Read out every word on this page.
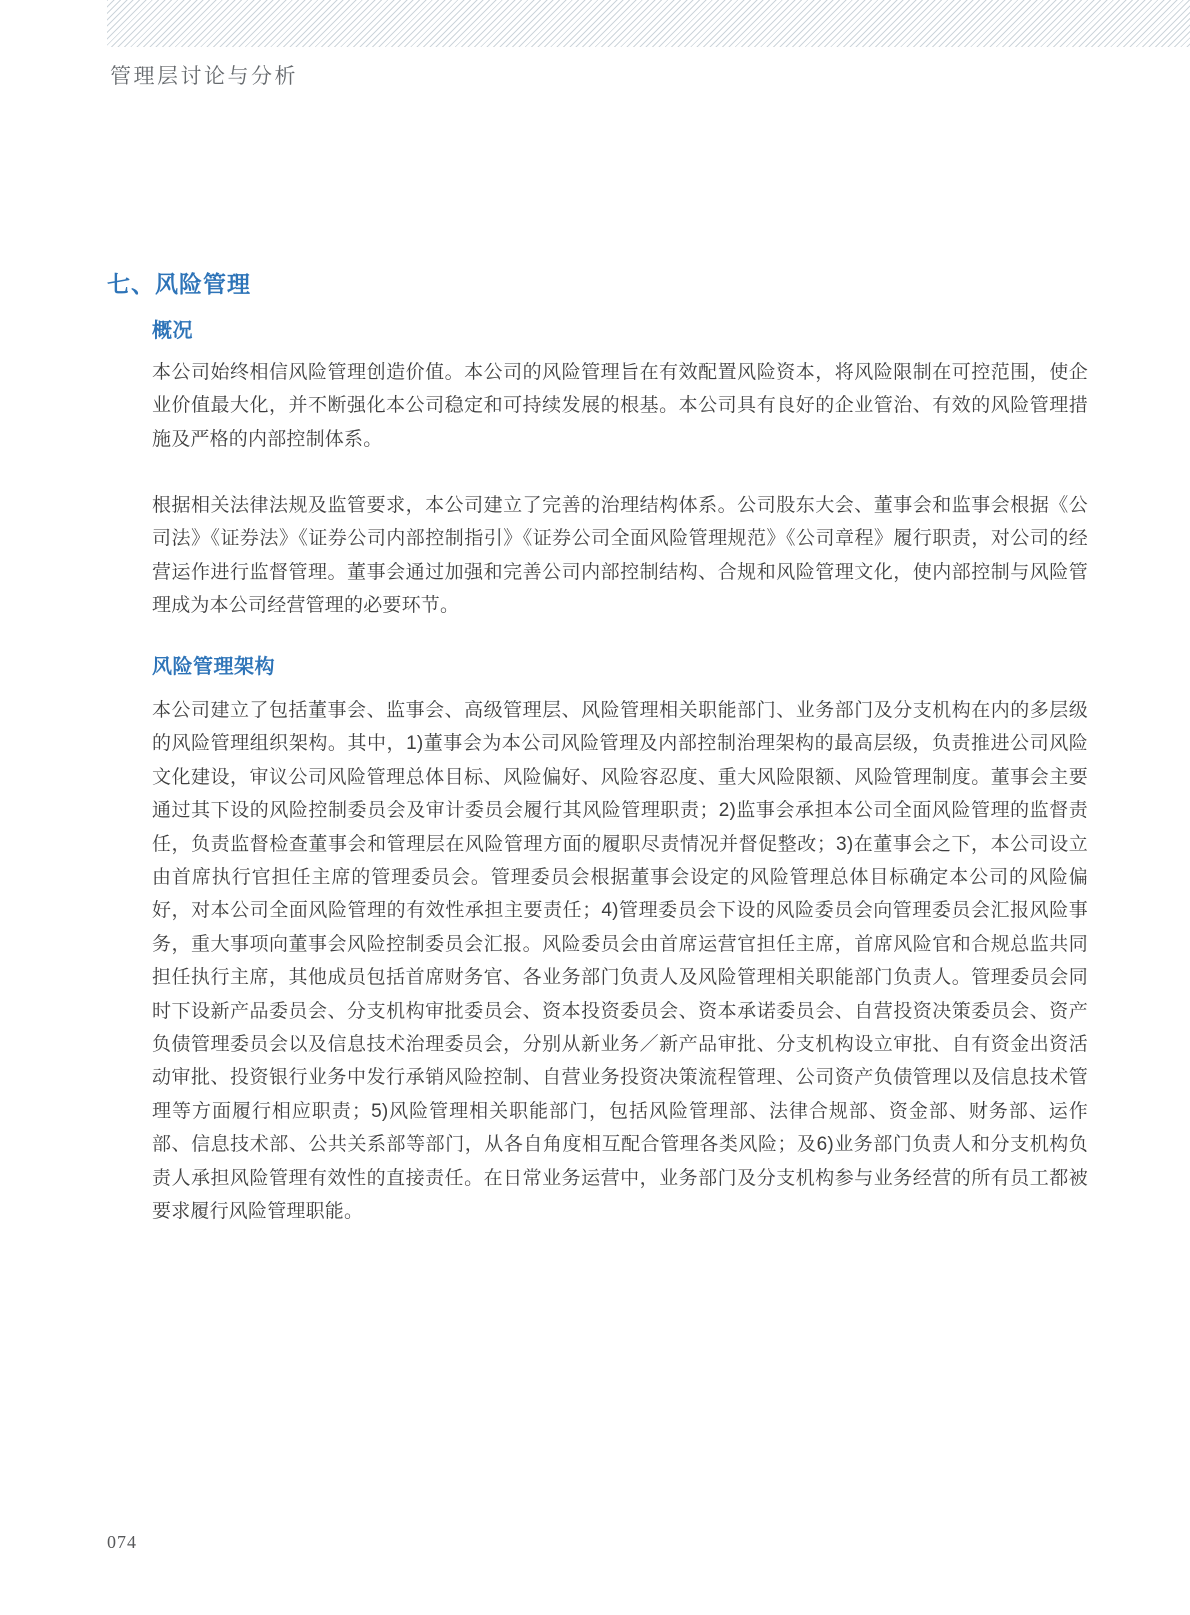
管理层讨论与分析
七、风险管理
概况

本公司始终相信风险管理创造价值。本公司的风险管理旨在有效配置风险资本，将风险限制在可控范围，使企业价值最大化，并不断强化本公司稳定和可持续发展的根基。本公司具有良好的企业管治、有效的风险管理措施及严格的内部控制体系。

根据相关法律法规及监管要求，本公司建立了完善的治理结构体系。公司股东大会、董事会和监事会根据《公司法》《证券法》《证券公司内部控制指引》《证券公司全面风险管理规范》《公司章程》履行职责，对公司的经营运作进行监督管理。董事会通过加强和完善公司内部控制结构、合规和风险管理文化，使内部控制与风险管理成为本公司经营管理的必要环节。

风险管理架构

本公司建立了包括董事会、监事会、高级管理层、风险管理相关职能部门、业务部门及分支机构在内的多层级的风险管理组织架构。其中，1)董事会为本公司风险管理及内部控制治理架构的最高层级，负责推进公司风险文化建设，审议公司风险管理总体目标、风险偏好、风险容忍度、重大风险限额、风险管理制度。董事会主要通过其下设的风险控制委员会及审计委员会履行其风险管理职责；2)监事会承担本公司全面风险管理的监督责任，负责监督检查董事会和管理层在风险管理方面的履职尽责情况并督促整改；3)在董事会之下，本公司设立由首席执行官担任主席的管理委员会。管理委员会根据董事会设定的风险管理总体目标确定本公司的风险偏好，对本公司全面风险管理的有效性承担主要责任；4)管理委员会下设的风险委员会向管理委员会汇报风险事务，重大事项向董事会风险控制委员会汇报。风险委员会由首席运营官担任主席，首席风险官和合规总监共同担任执行主席，其他成员包括首席财务官、各业务部门负责人及风险管理相关职能部门负责人。管理委员会同时下设新产品委员会、分支机构审批委员会、资本投资委员会、资本承诺委员会、自营投资决策委员会、资产负债管理委员会以及信息技术治理委员会，分别从新业务／新产品审批、分支机构设立审批、自有资金出资活动审批、投资银行业务中发行承销风险控制、自营业务投资决策流程管理、公司资产负债管理以及信息技术管理等方面履行相应职责；5)风险管理相关职能部门，包括风险管理部、法律合规部、资金部、财务部、运作部、信息技术部、公共关系部等部门，从各自角度相互配合管理各类风险；及6)业务部门负责人和分支机构负责人承担风险管理有效性的直接责任。在日常业务运营中，业务部门及分支机构参与业务经营的所有员工都被要求履行风险管理职能。

074
